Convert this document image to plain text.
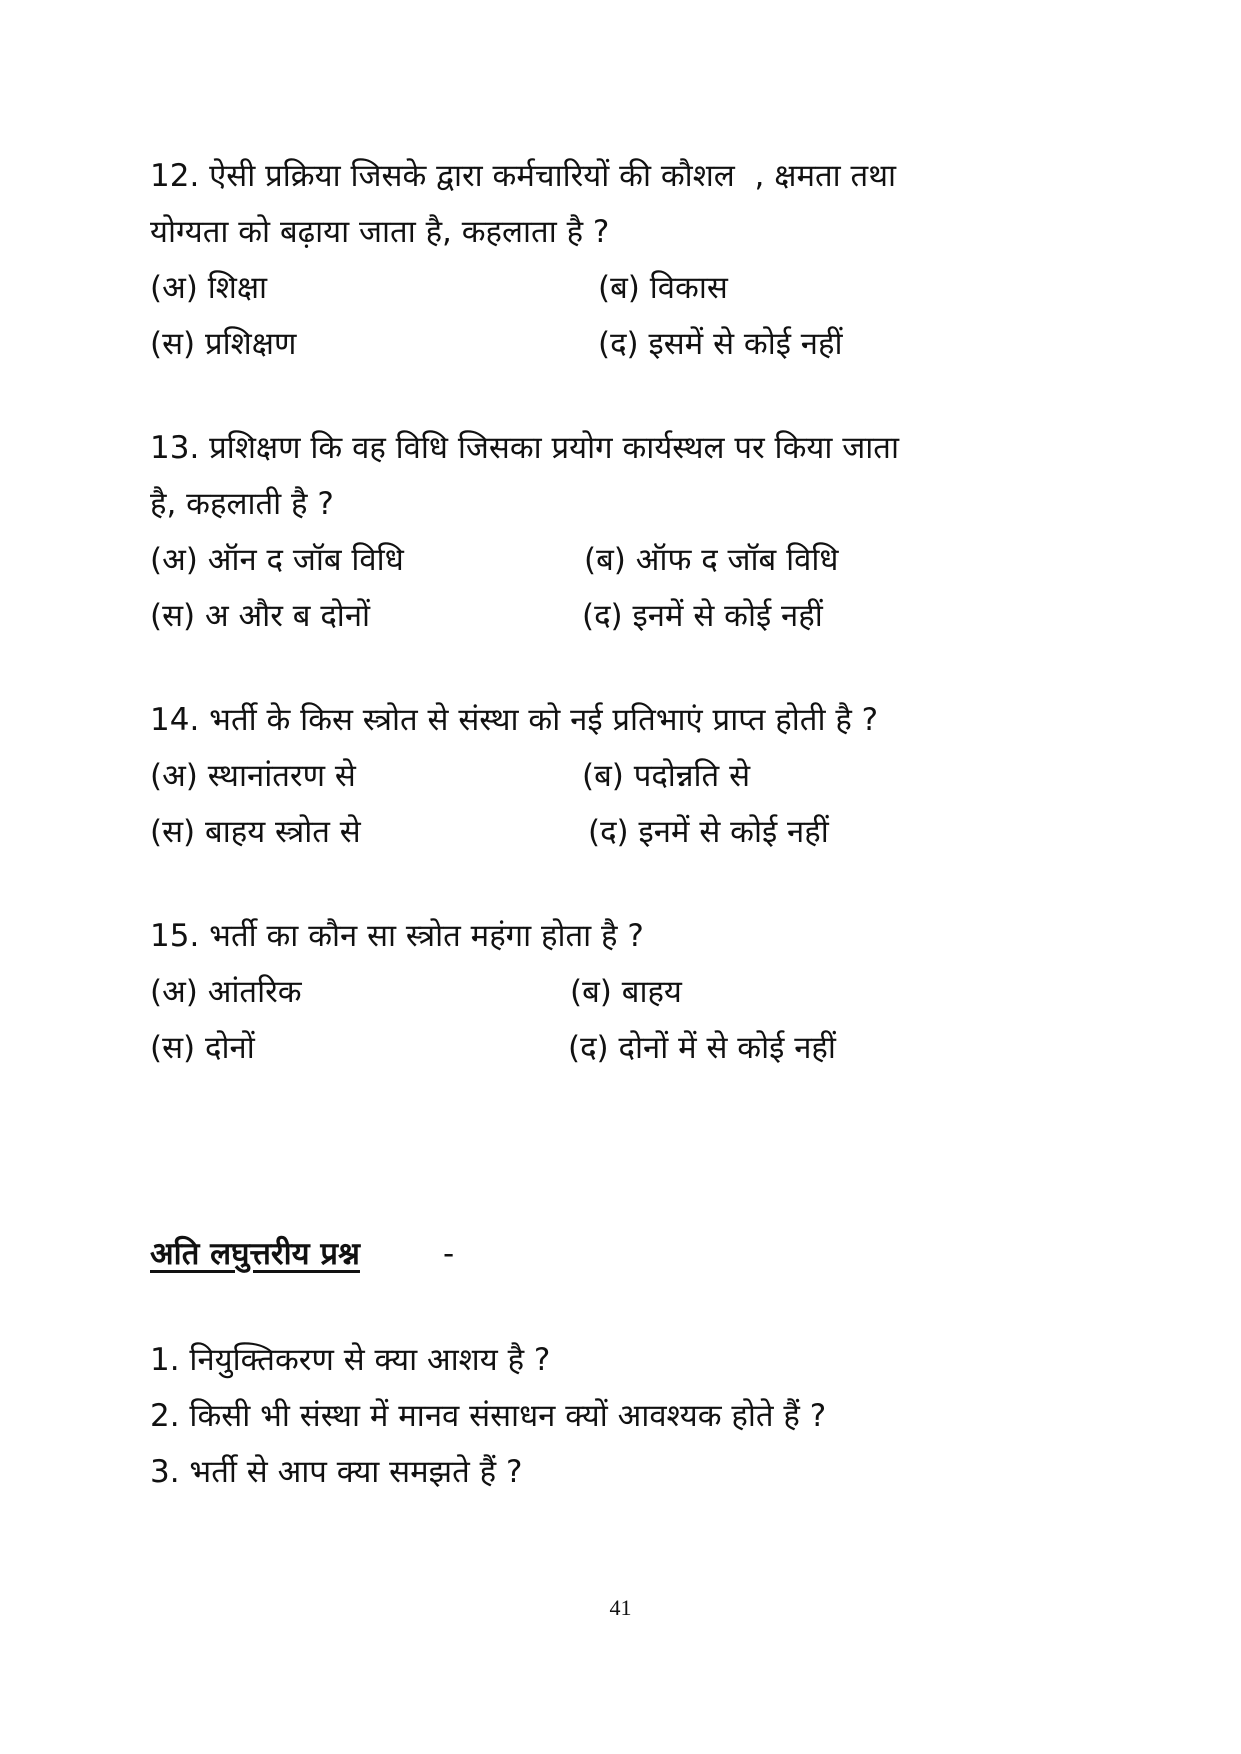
12. ऐसी प्रक्रिया जिसके द्वारा कर्मचारियों की कौशल  , क्षमता तथा
योग्यता को बढ़ाया जाता है, कहलाता है ?
(अ) शिक्षा	(ब) विकास
(स) प्रशिक्षण	(द) इसमें से कोई नहीं
13. प्रशिक्षण कि वह विधि जिसका प्रयोग कार्यस्थल पर किया जाता
है, कहलाती है ?
(अ) ऑन द जॉब विधि	(ब) ऑफ द जॉब विधि
(स) अ और ब दोनों	(द) इनमें से कोई नहीं
14. भर्ती के किस स्त्रोत से संस्था को नई प्रतिभाएं प्राप्त होती है ?
(अ) स्थानांतरण से	(ब) पदोन्नति से
(स) बाहय स्त्रोत से	(द) इनमें से कोई नहीं
15. भर्ती का कौन सा स्त्रोत महंगा होता है ?
(अ) आंतरिक	(ब) बाहय
(स) दोनों	(द) दोनों में से कोई नहीं
अति लघुत्तरीय प्रश्न	-
1. नियुक्तिकरण से क्या आशय है ?
2. किसी भी संस्था में मानव संसाधन क्यों आवश्यक होते हैं ?
3. भर्ती से आप क्या समझते हैं ?
41
